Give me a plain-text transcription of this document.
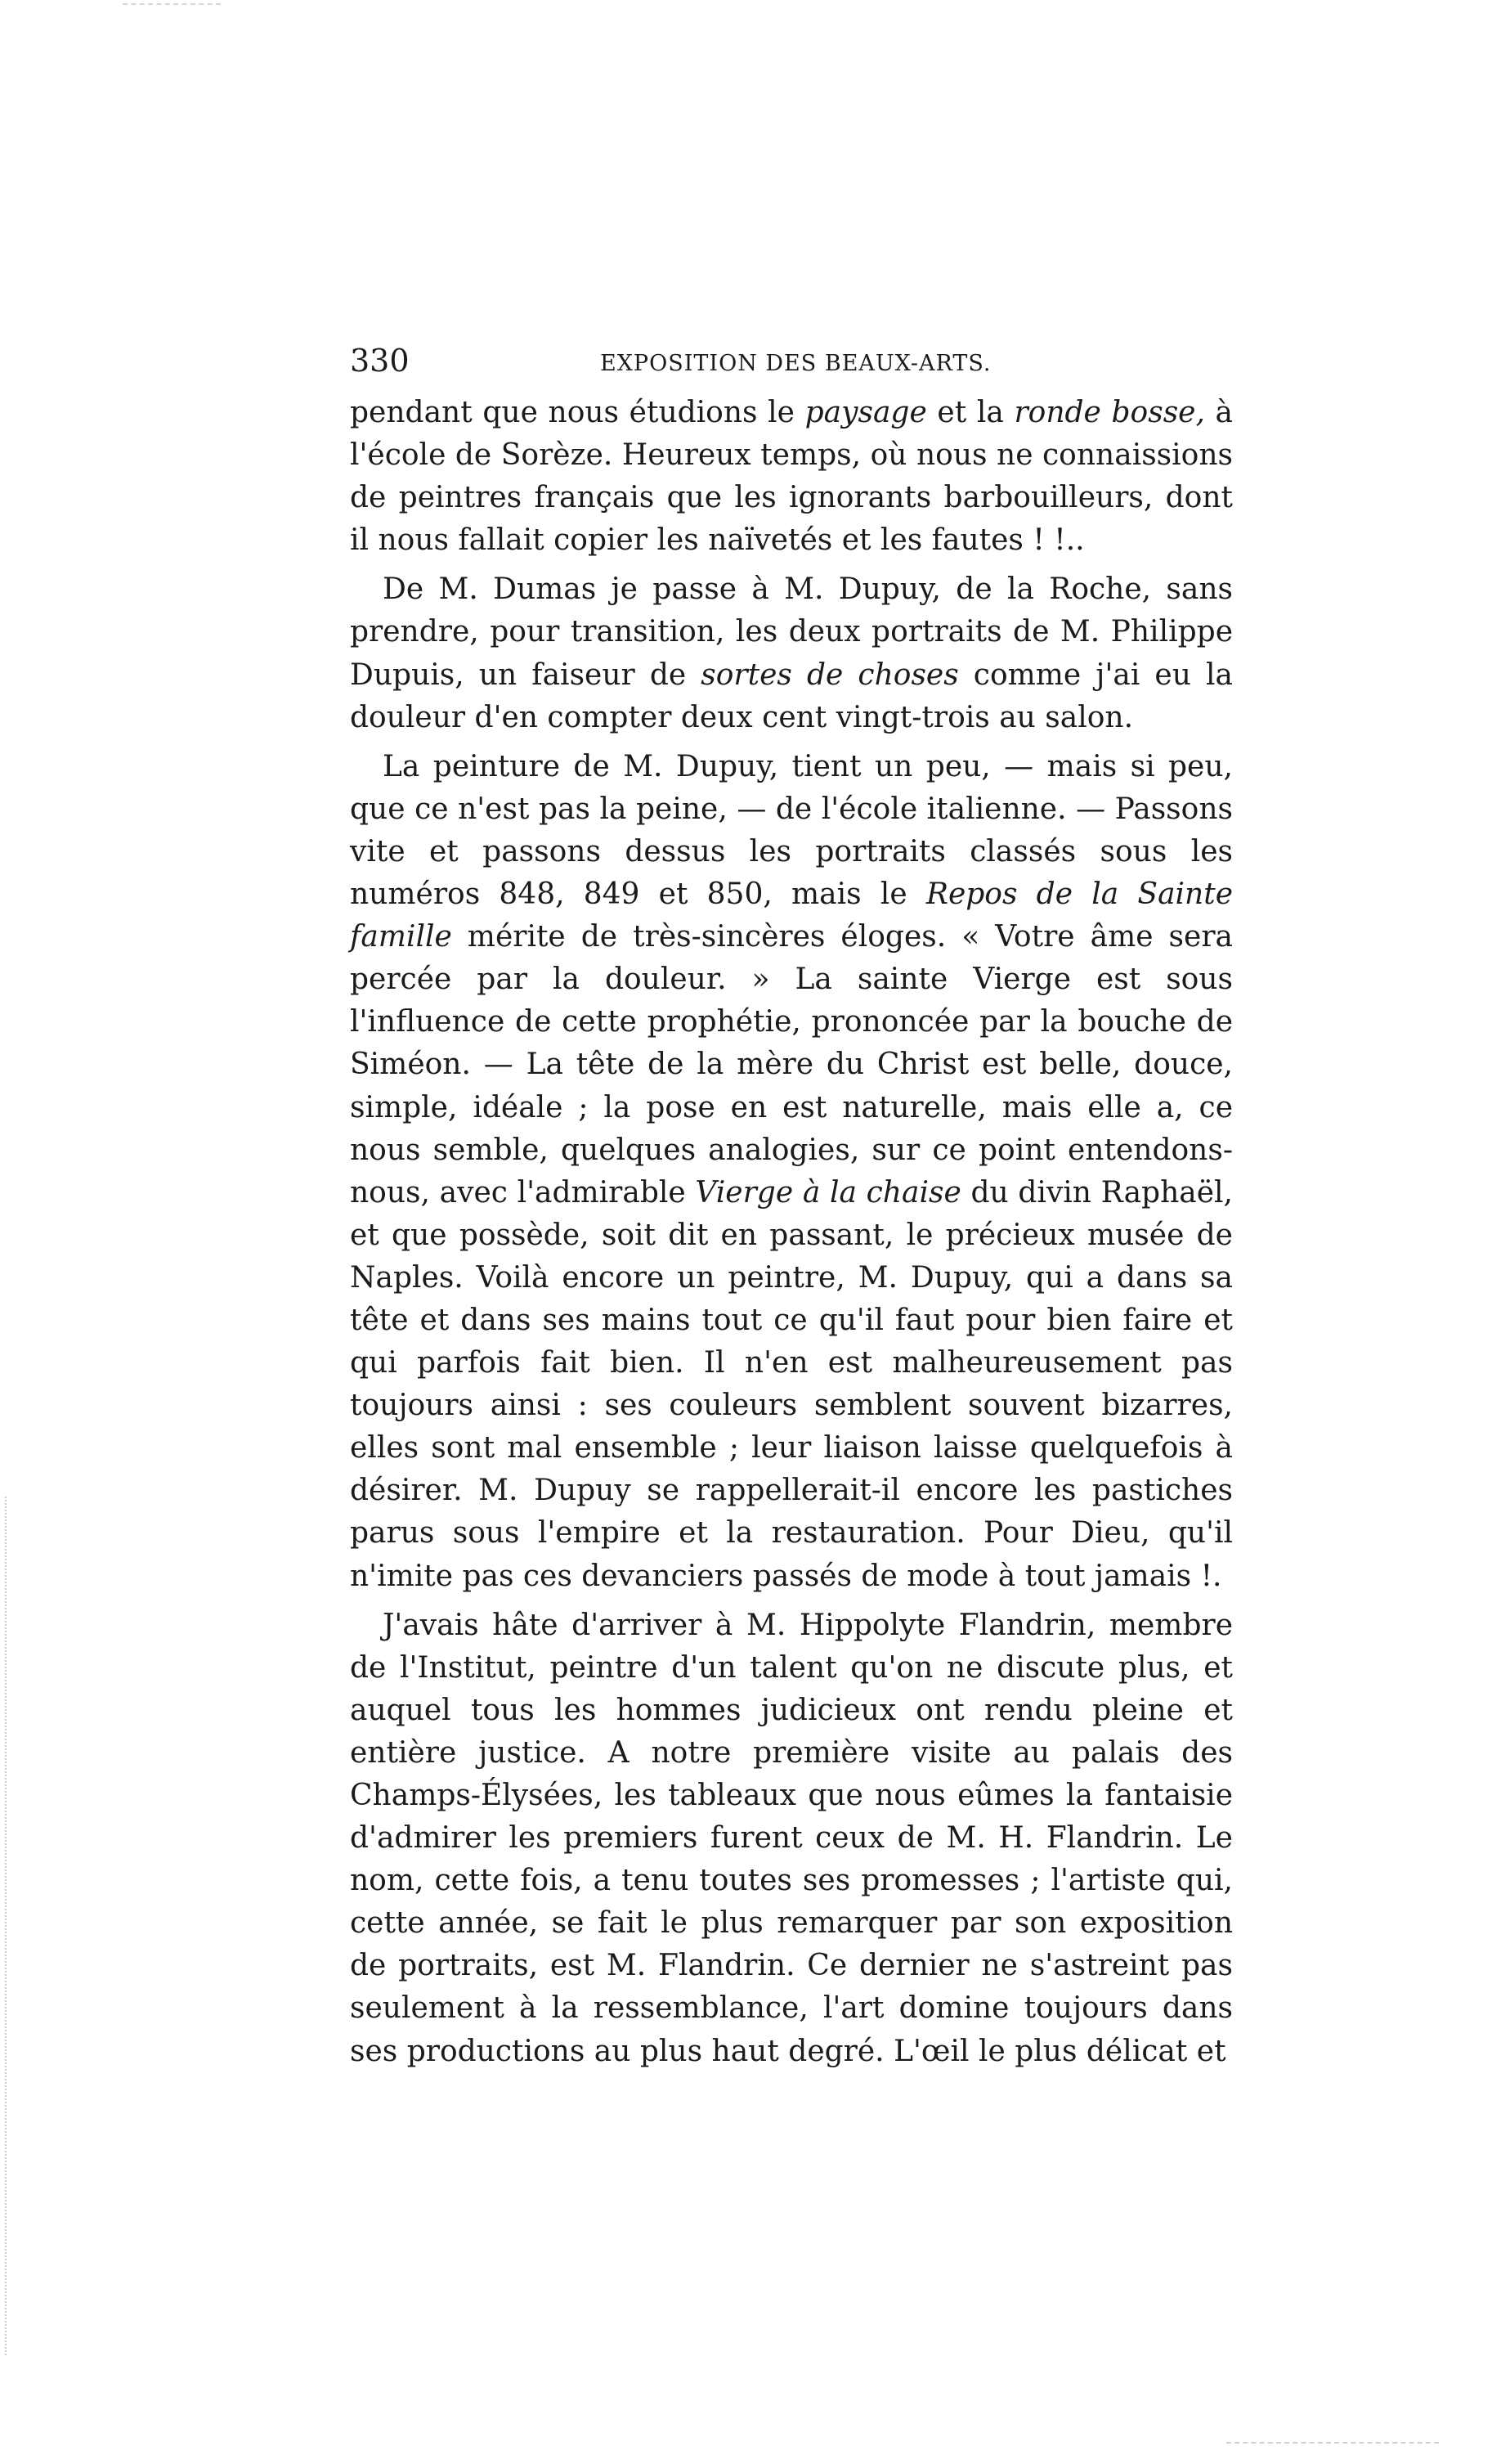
330	EXPOSITION DES BEAUX-ARTS.

pendant que nous étudions le paysage et la ronde bosse, à l'école de Sorèze. Heureux temps, où nous ne connaissions de peintres français que les ignorants barbouilleurs, dont il nous fallait copier les naïvetés et les fautes ! !..

De M. Dumas je passe à M. Dupuy, de la Roche, sans prendre, pour transition, les deux portraits de M. Philippe Dupuis, un faiseur de sortes de choses comme j'ai eu la douleur d'en compter deux cent vingt-trois au salon.

La peinture de M. Dupuy, tient un peu, — mais si peu, que ce n'est pas la peine, — de l'école italienne. — Passons vite et passons dessus les portraits classés sous les numéros 848, 849 et 850, mais le Repos de la Sainte famille mérite de très-sincères éloges. « Votre âme sera percée par la douleur. » La sainte Vierge est sous l'influence de cette prophétie, prononcée par la bouche de Siméon. — La tête de la mère du Christ est belle, douce, simple, idéale ; la pose en est naturelle, mais elle a, ce nous semble, quelques analogies, sur ce point entendons-nous, avec l'admirable Vierge à la chaise du divin Raphaël, et que possède, soit dit en passant, le précieux musée de Naples. Voilà encore un peintre, M. Dupuy, qui a dans sa tête et dans ses mains tout ce qu'il faut pour bien faire et qui parfois fait bien. Il n'en est malheureusement pas toujours ainsi : ses couleurs semblent souvent bizarres, elles sont mal ensemble ; leur liaison laisse quelquefois à désirer. M. Dupuy se rappellerait-il encore les pastiches parus sous l'empire et la restauration. Pour Dieu, qu'il n'imite pas ces devanciers passés de mode à tout jamais !.

J'avais hâte d'arriver à M. Hippolyte Flandrin, membre de l'Institut, peintre d'un talent qu'on ne discute plus, et auquel tous les hommes judicieux ont rendu pleine et entière justice. A notre première visite au palais des Champs-Élysées, les tableaux que nous eûmes la fantaisie d'admirer les premiers furent ceux de M. H. Flandrin. Le nom, cette fois, a tenu toutes ses promesses ; l'artiste qui, cette année, se fait le plus remarquer par son exposition de portraits, est M. Flandrin. Ce dernier ne s'astreint pas seulement à la ressemblance, l'art domine toujours dans ses productions au plus haut degré. L'œil le plus délicat et
